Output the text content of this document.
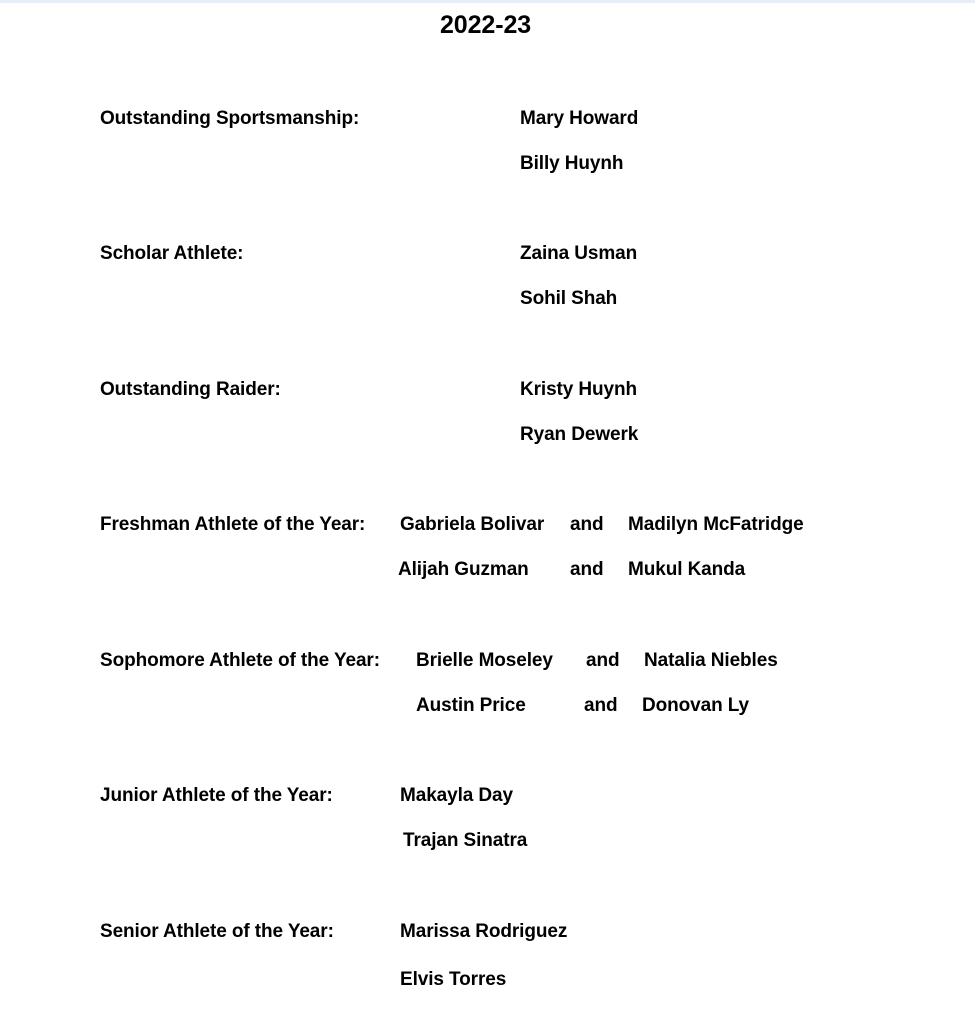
2022-23
Outstanding Sportsmanship:	Mary Howard
Billy Huynh
Scholar Athlete:	Zaina Usman
Sohil Shah
Outstanding Raider:	Kristy Huynh
Ryan Dewerk
Freshman Athlete of the Year: Gabriela Bolivar and Madilyn McFatridge
Alijah Guzman and Mukul Kanda
Sophomore Athlete of the Year: Brielle Moseley and Natalia Niebles
Austin Price	and Donovan Ly
Junior Athlete of the Year:	Makayla Day
Trajan Sinatra
Senior Athlete of the Year:	Marissa Rodriguez
Elvis Torres
